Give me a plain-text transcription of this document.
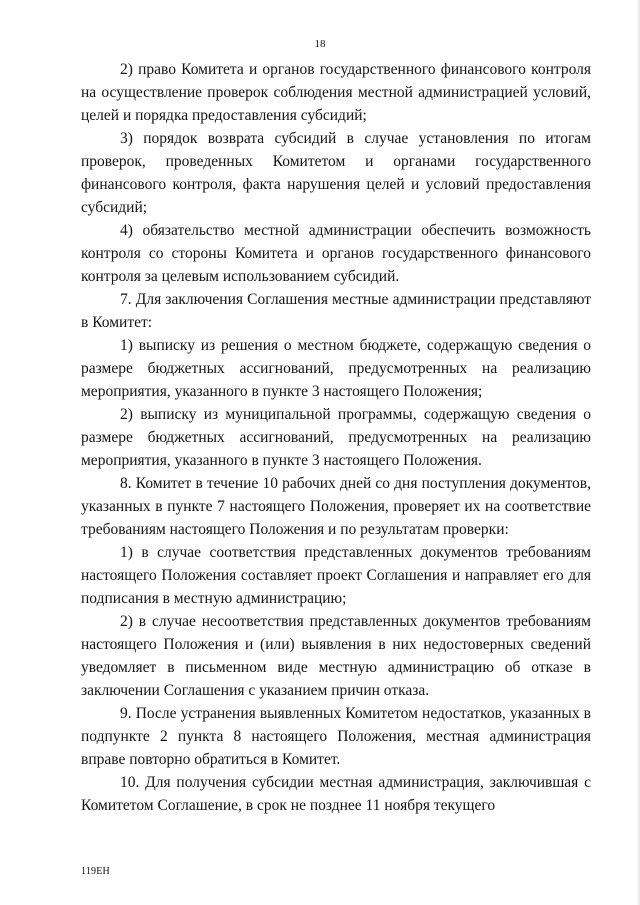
18

2) право Комитета и органов государственного финансового контроля на осуществление проверок соблюдения местной администрацией условий, целей и порядка предоставления субсидий;

3) порядок возврата субсидий в случае установления по итогам проверок, проведенных Комитетом и органами государственного финансового контроля, факта нарушения целей и условий предоставления субсидий;

4) обязательство местной администрации обеспечить возможность контроля со стороны Комитета и органов государственного финансового контроля за целевым использованием субсидий.

7. Для заключения Соглашения местные администрации представляют в Комитет:

1) выписку из решения о местном бюджете, содержащую сведения о размере бюджетных ассигнований, предусмотренных на реализацию мероприятия, указанного в пункте 3 настоящего Положения;

2) выписку из муниципальной программы, содержащую сведения о размере бюджетных ассигнований, предусмотренных на реализацию мероприятия, указанного в пункте 3 настоящего Положения.

8. Комитет в течение 10 рабочих дней со дня поступления документов, указанных в пункте 7 настоящего Положения, проверяет их на соответствие требованиям настоящего Положения и по результатам проверки:

1) в случае соответствия представленных документов требованиям настоящего Положения составляет проект Соглашения и направляет его для подписания в местную администрацию;

2) в случае несоответствия представленных документов требованиям настоящего Положения и (или) выявления в них недостоверных сведений уведомляет в письменном виде местную администрацию об отказе в заключении Соглашения с указанием причин отказа.

9. После устранения выявленных Комитетом недостатков, указанных в подпункте 2 пункта 8 настоящего Положения, местная администрация вправе повторно обратиться в Комитет.

10. Для получения субсидии местная администрация, заключившая с Комитетом Соглашение, в срок не позднее 11 ноября текущего

119ЕН
